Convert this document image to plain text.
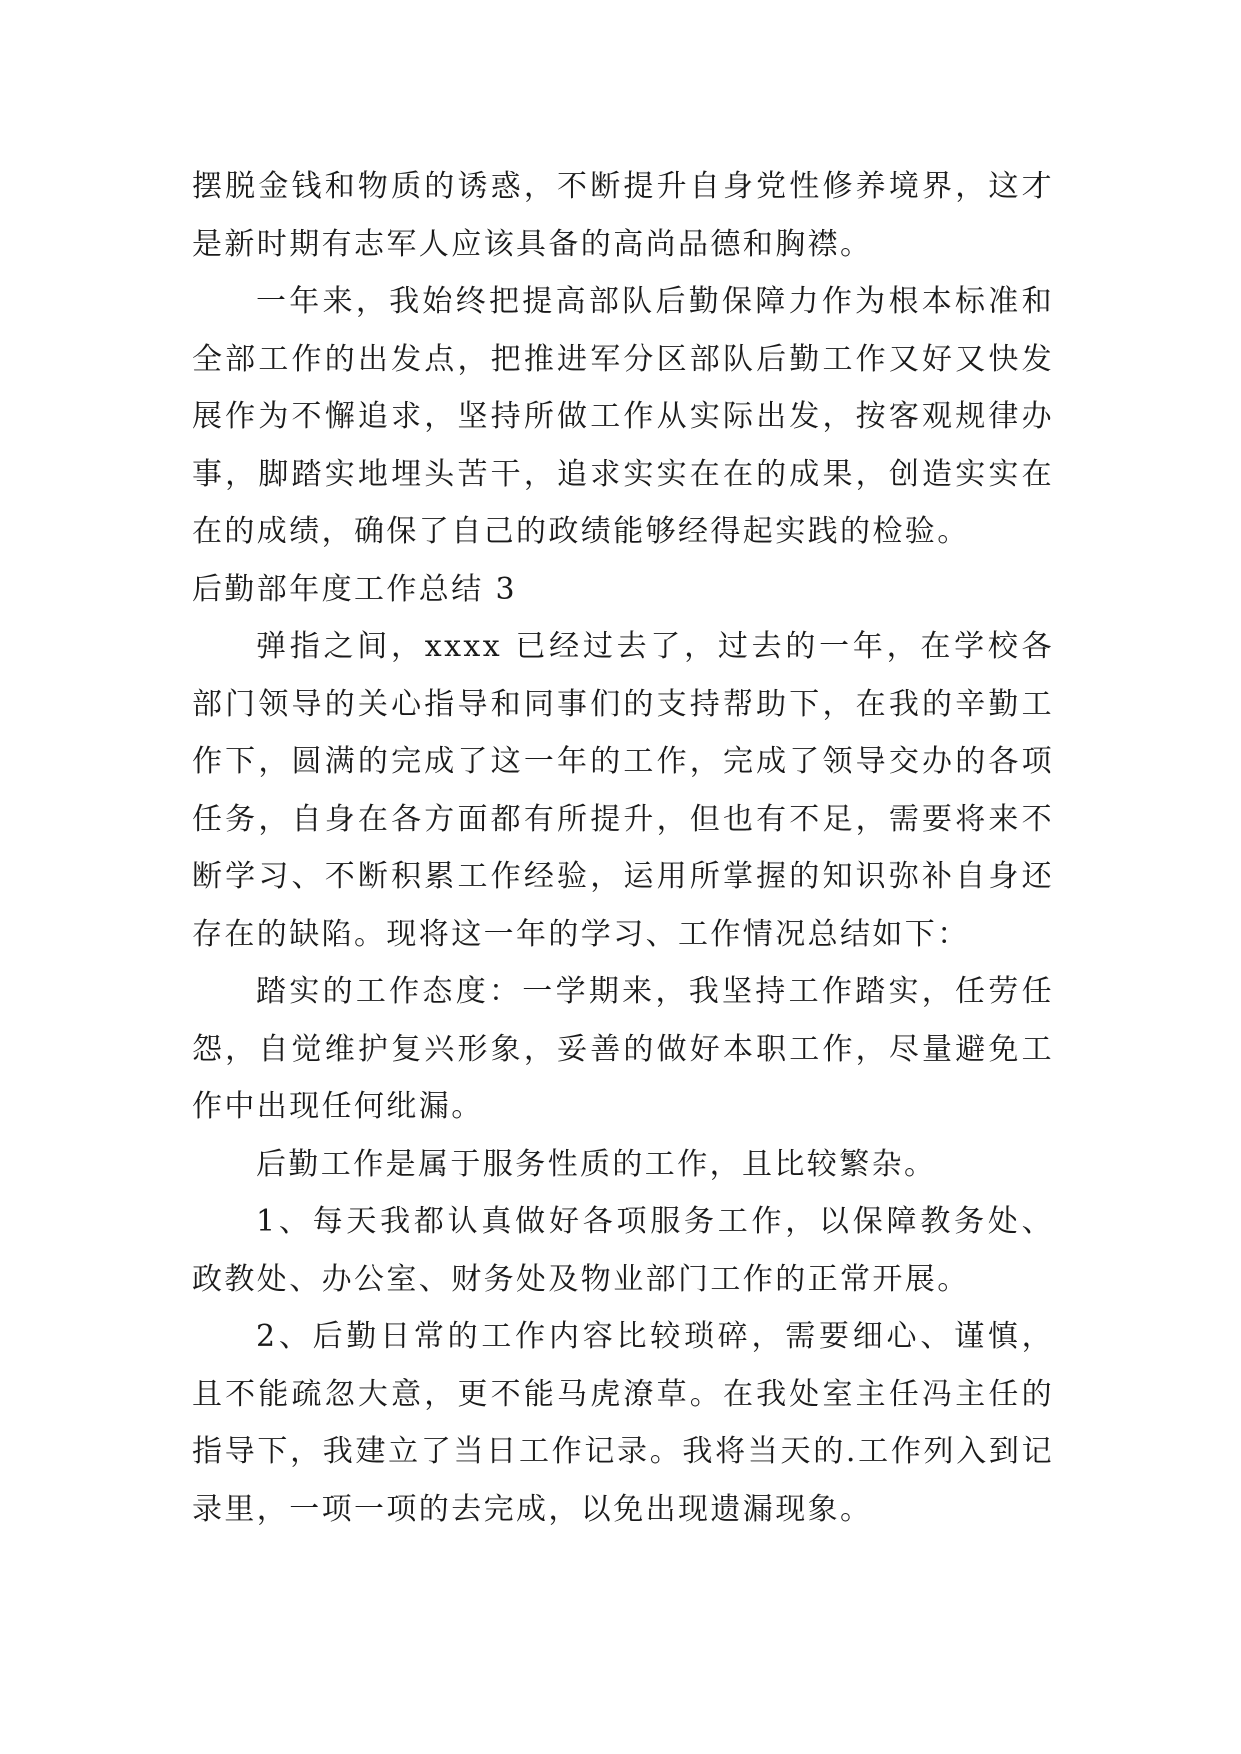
摆脱金钱和物质的诱惑，不断提升自身党性修养境界，这才是新时期有志军人应该具备的高尚品德和胸襟。

一年来，我始终把提高部队后勤保障力作为根本标准和全部工作的出发点，把推进军分区部队后勤工作又好又快发展作为不懈追求，坚持所做工作从实际出发，按客观规律办事，脚踏实地埋头苦干，追求实实在在的成果，创造实实在在的成绩，确保了自己的政绩能够经得起实践的检验。

后勤部年度工作总结 3

弹指之间，xxxx 已经过去了，过去的一年，在学校各部门领导的关心指导和同事们的支持帮助下，在我的辛勤工作下，圆满的完成了这一年的工作，完成了领导交办的各项任务，自身在各方面都有所提升，但也有不足，需要将来不断学习、不断积累工作经验，运用所掌握的知识弥补自身还存在的缺陷。现将这一年的学习、工作情况总结如下：

踏实的工作态度：一学期来，我坚持工作踏实，任劳任怨，自觉维护复兴形象，妥善的做好本职工作，尽量避免工作中出现任何纰漏。

后勤工作是属于服务性质的工作，且比较繁杂。

1、每天我都认真做好各项服务工作，以保障教务处、政教处、办公室、财务处及物业部门工作的正常开展。

2、后勤日常的工作内容比较琐碎，需要细心、谨慎，且不能疏忽大意，更不能马虎潦草。在我处室主任冯主任的指导下，我建立了当日工作记录。我将当天的.工作列入到记录里，一项一项的去完成，以免出现遗漏现象。
